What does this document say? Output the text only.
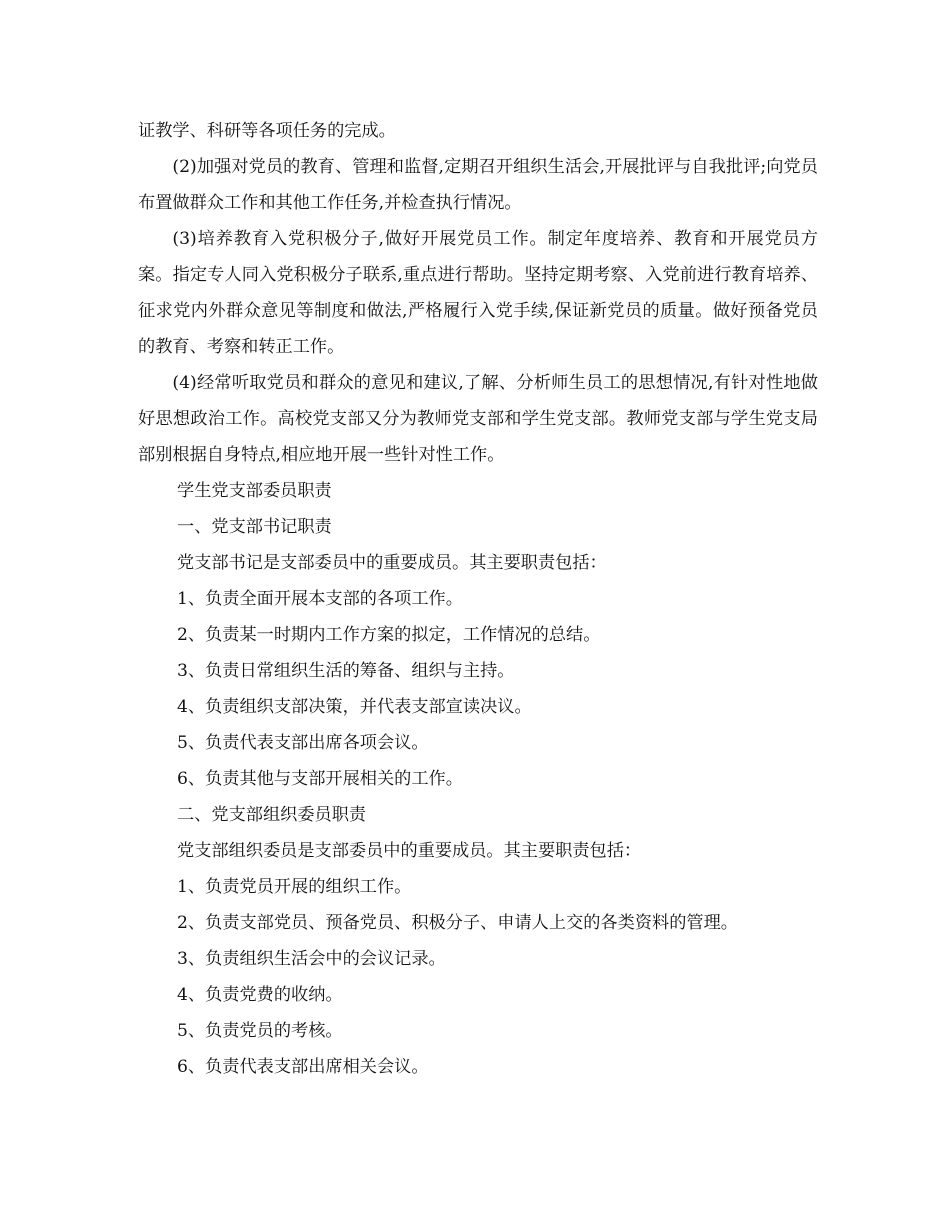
证教学、科研等各项任务的完成。

(2)加强对党员的教育、管理和监督,定期召开组织生活会,开展批评与自我批评;向党员布置做群众工作和其他工作任务,并检查执行情况。

(3)培养教育入党积极分子,做好开展党员工作。制定年度培养、教育和开展党员方案。指定专人同入党积极分子联系,重点进行帮助。坚持定期考察、入党前进行教育培养、征求党内外群众意见等制度和做法,严格履行入党手续,保证新党员的质量。做好预备党员的教育、考察和转正工作。

(4)经常听取党员和群众的意见和建议,了解、分析师生员工的思想情况,有针对性地做好思想政治工作。高校党支部又分为教师党支部和学生党支部。教师党支部与学生党支局部别根据自身特点,相应地开展一些针对性工作。

学生党支部委员职责

一、党支部书记职责

党支部书记是支部委员中的重要成员。其主要职责包括：

1、负责全面开展本支部的各项工作。

2、负责某一时期内工作方案的拟定，工作情况的总结。

3、负责日常组织生活的筹备、组织与主持。

4、负责组织支部决策，并代表支部宣读决议。

5、负责代表支部出席各项会议。

6、负责其他与支部开展相关的工作。

二、党支部组织委员职责

党支部组织委员是支部委员中的重要成员。其主要职责包括：

1、负责党员开展的组织工作。

2、负责支部党员、预备党员、积极分子、申请人上交的各类资料的管理。

3、负责组织生活会中的会议记录。

4、负责党费的收纳。

5、负责党员的考核。

6、负责代表支部出席相关会议。
